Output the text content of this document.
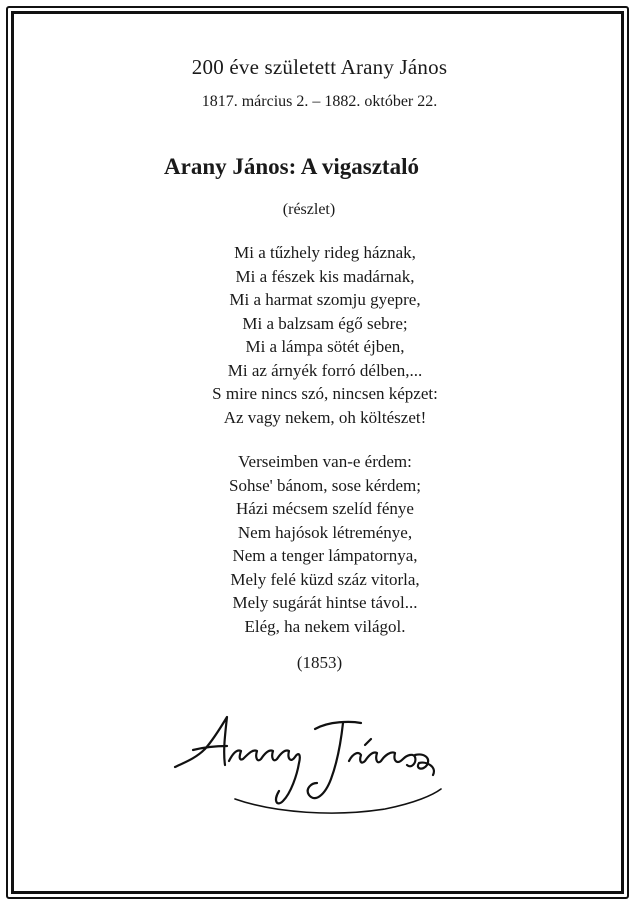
200 éve született Arany János
1817. március 2. – 1882. október 22.
Arany János: A vigasztaló
(részlet)
Mi a tűzhely rideg háznak,
Mi a fészek kis madárnak,
Mi a harmat szomju gyepre,
Mi a balzsam égő sebre;
Mi a lámpa sötét éjben,
Mi az árnyék forró délben,...
S mire nincs szó, nincsen képzet:
Az vagy nekem, oh költészet!
Verseimben van-e érdem:
Sohse' bánom, sose kérdem;
Házi mécsem szelíd fénye
Nem hajósok létreménye,
Nem a tenger lámpatornya,
Mely felé küzd száz vitorla,
Mely sugárát hintse távol...
Elég, ha nekem világol.
(1853)
